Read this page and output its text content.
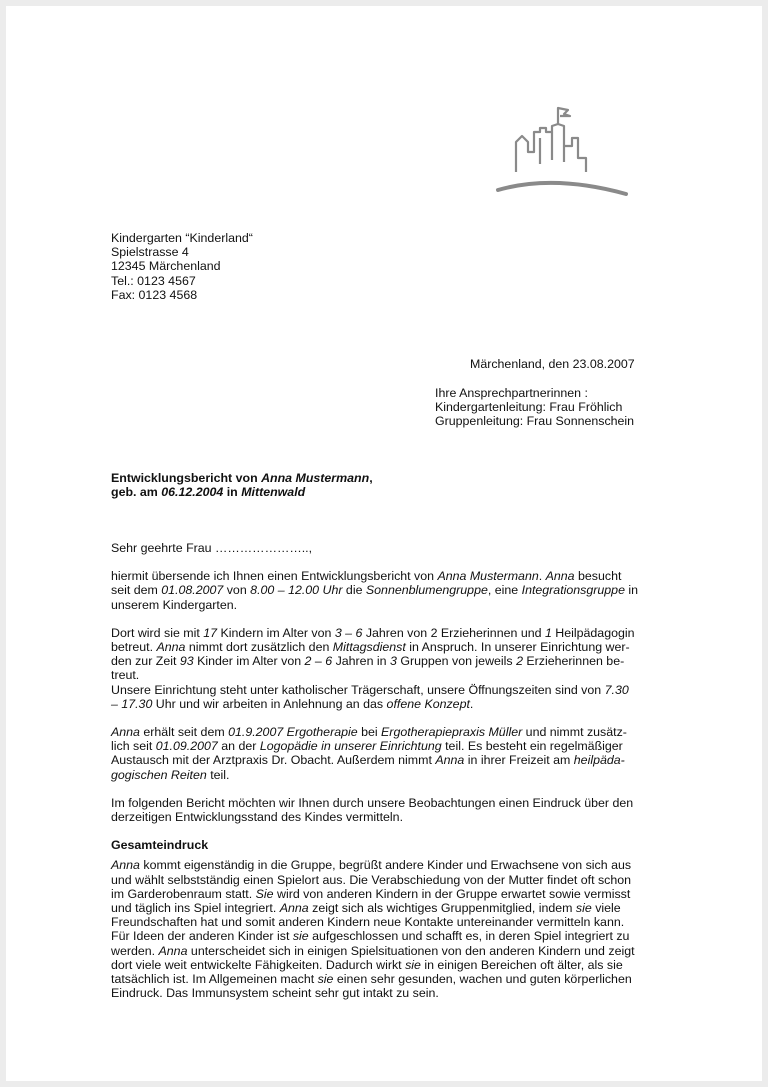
Kindergarten “Kinderland“
Spielstrasse 4
12345 Märchenland
Tel.: 0123 4567
Fax: 0123 4568
Märchenland, den 23.08.2007
Ihre Ansprechpartnerinnen :
Kindergartenleitung: Frau Fröhlich
Gruppenleitung: Frau Sonnenschein
Entwicklungsbericht von Anna Mustermann,
geb. am 06.12.2004 in Mittenwald

Sehr geehrte Frau …………………..,

hiermit übersende ich Ihnen einen Entwicklungsbericht von Anna Mustermann. Anna besucht
seit dem 01.08.2007 von 8.00 – 12.00 Uhr die Sonnenblumengruppe, eine Integrationsgruppe in
unserem Kindergarten.

Dort wird sie mit 17 Kindern im Alter von 3 – 6 Jahren von 2 Erzieherinnen und 1 Heilpädagogin
betreut. Anna nimmt dort zusätzlich den Mittagsdienst in Anspruch. In unserer Einrichtung wer-
den zur Zeit 93 Kinder im Alter von 2 – 6 Jahren in 3 Gruppen von jeweils 2 Erzieherinnen be-
treut.
Unsere Einrichtung steht unter katholischer Trägerschaft, unsere Öffnungszeiten sind von 7.30
– 17.30 Uhr und wir arbeiten in Anlehnung an das offene Konzept.

Anna erhält seit dem 01.9.2007 Ergotherapie bei Ergotherapiepraxis Müller und nimmt zusätz-
lich seit 01.09.2007 an der Logopädie in unserer Einrichtung teil. Es besteht ein regelmäßiger
Austausch mit der Arztpraxis Dr. Obacht. Außerdem nimmt Anna in ihrer Freizeit am heilpäda-
gogischen Reiten teil.

Im folgenden Bericht möchten wir Ihnen durch unsere Beobachtungen einen Eindruck über den
derzeitigen Entwicklungsstand des Kindes vermitteln.

Gesamteindruck

Anna kommt eigenständig in die Gruppe, begrüßt andere Kinder und Erwachsene von sich aus
und wählt selbstständig einen Spielort aus. Die Verabschiedung von der Mutter findet oft schon
im Garderobenraum statt. Sie wird von anderen Kindern in der Gruppe erwartet sowie vermisst
und täglich ins Spiel integriert. Anna zeigt sich als wichtiges Gruppenmitglied, indem sie viele
Freundschaften hat und somit anderen Kindern neue Kontakte untereinander vermitteln kann.
Für Ideen der anderen Kinder ist sie aufgeschlossen und schafft es, in deren Spiel integriert zu
werden. Anna unterscheidet sich in einigen Spielsituationen von den anderen Kindern und zeigt
dort viele weit entwickelte Fähigkeiten. Dadurch wirkt sie in einigen Bereichen oft älter, als sie
tatsächlich ist. Im Allgemeinen macht sie einen sehr gesunden, wachen und guten körperlichen
Eindruck. Das Immunsystem scheint sehr gut intakt zu sein.
